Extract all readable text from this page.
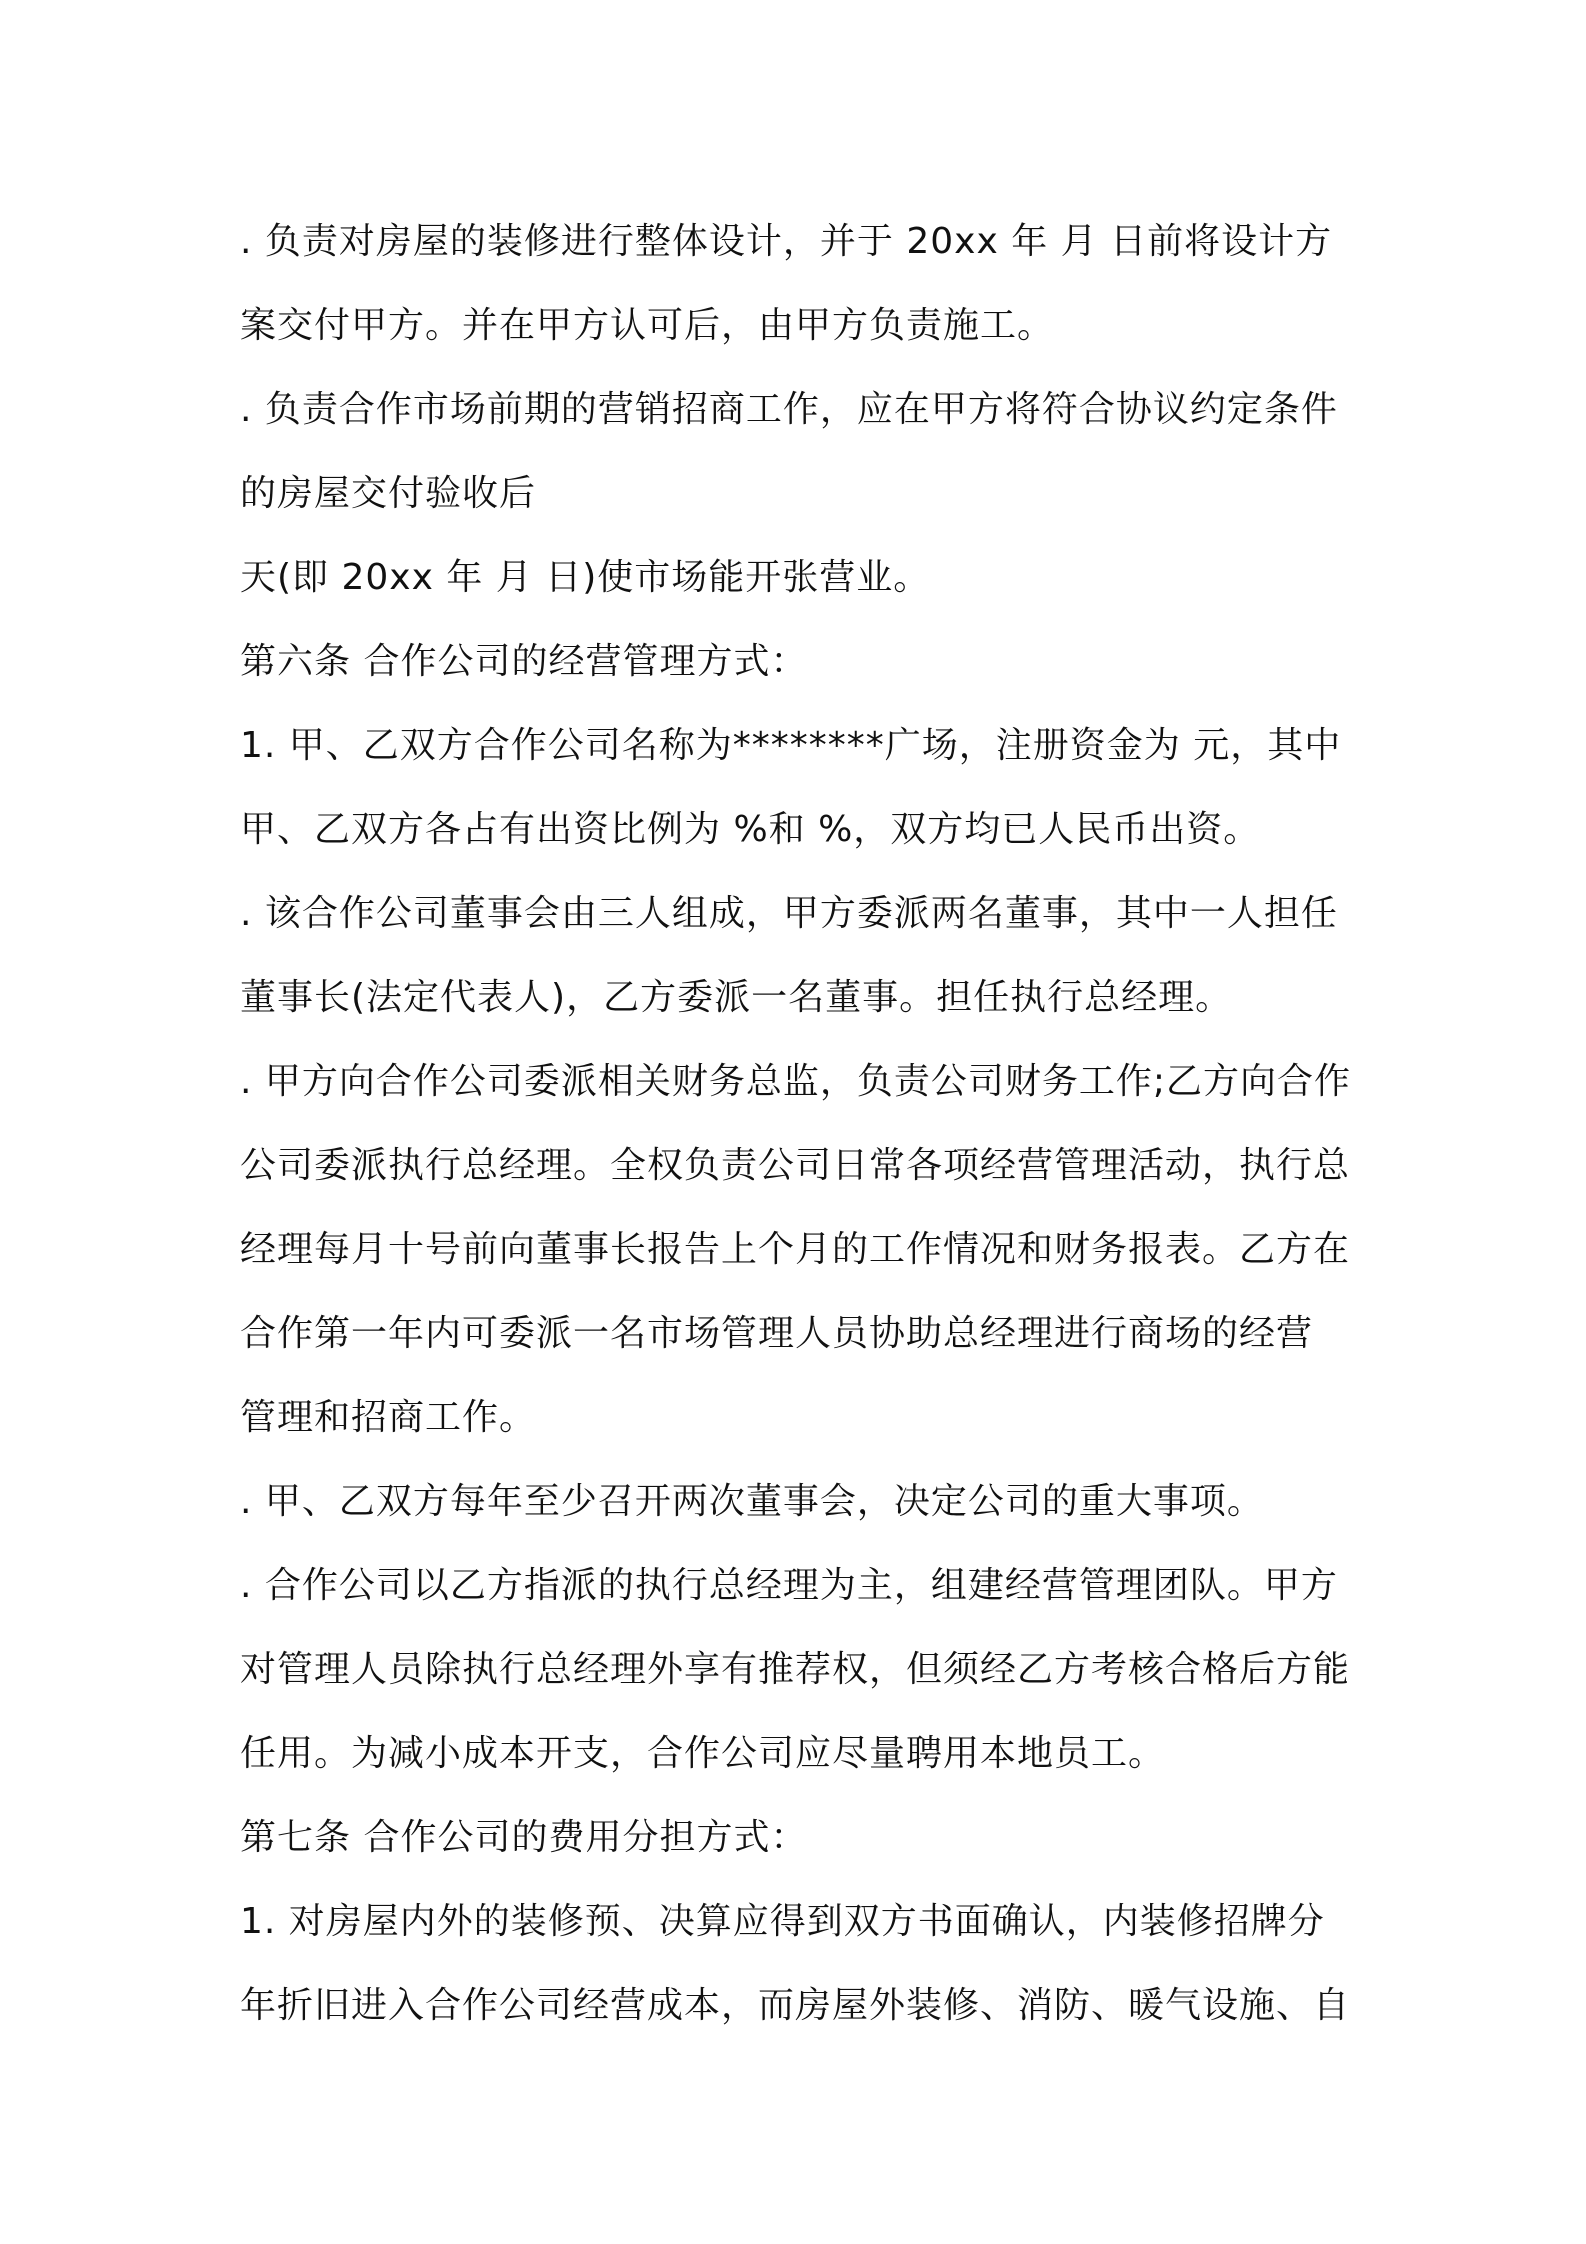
. 负责对房屋的装修进行整体设计，并于 20xx 年 月 日前将设计方
案交付甲方。并在甲方认可后，由甲方负责施工。
. 负责合作市场前期的营销招商工作，应在甲方将符合协议约定条件
的房屋交付验收后
天(即 20xx 年 月 日)使市场能开张营业。
第六条 合作公司的经营管理方式：
1. 甲、乙双方合作公司名称为********广场，注册资金为 元，其中
甲、乙双方各占有出资比例为 %和 %，双方均已人民币出资。
. 该合作公司董事会由三人组成，甲方委派两名董事，其中一人担任
董事长(法定代表人)，乙方委派一名董事。担任执行总经理。
. 甲方向合作公司委派相关财务总监，负责公司财务工作;乙方向合作
公司委派执行总经理。全权负责公司日常各项经营管理活动，执行总
经理每月十号前向董事长报告上个月的工作情况和财务报表。乙方在
合作第一年内可委派一名市场管理人员协助总经理进行商场的经营
管理和招商工作。
. 甲、乙双方每年至少召开两次董事会，决定公司的重大事项。
. 合作公司以乙方指派的执行总经理为主，组建经营管理团队。甲方
对管理人员除执行总经理外享有推荐权，但须经乙方考核合格后方能
任用。为减小成本开支，合作公司应尽量聘用本地员工。
第七条 合作公司的费用分担方式：
1. 对房屋内外的装修预、决算应得到双方书面确认，内装修招牌分
年折旧进入合作公司经营成本，而房屋外装修、消防、暖气设施、自
